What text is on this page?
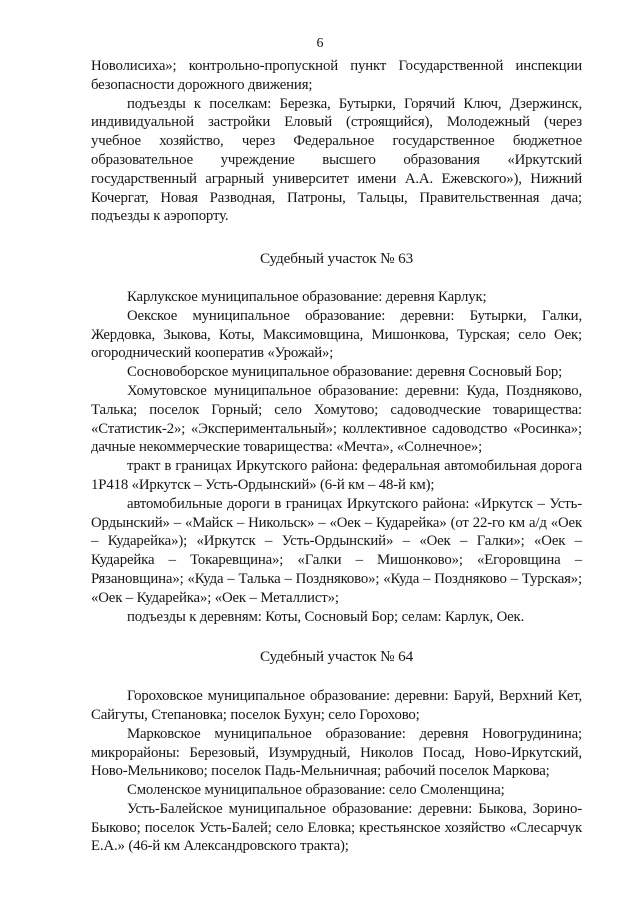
6

Новолисиха»; контрольно-пропускной пункт Государственной инспекции безопасности дорожного движения;

подъезды к поселкам: Березка, Бутырки, Горячий Ключ, Дзержинск, индивидуальной застройки Еловый (строящийся), Молодежный (через учебное хозяйство, через Федеральное государственное бюджетное образовательное учреждение высшего образования «Иркутский государственный аграрный университет имени А.А. Ежевского»), Нижний Кочергат, Новая Разводная, Патроны, Тальцы, Правительственная дача; подъезды к аэропорту.

Судебный участок № 63

Карлукское муниципальное образование: деревня Карлук;

Оекское муниципальное образование: деревни: Бутырки, Галки, Жердовка, Зыкова, Коты, Максимовщина, Мишонкова, Турская; село Оек; огороднический кооператив «Урожай»;

Сосновоборское муниципальное образование: деревня Сосновый Бор;

Хомутовское муниципальное образование: деревни: Куда, Поздняково, Талька; поселок Горный; село Хомутово; садоводческие товарищества: «Статистик-2»; «Экспериментальный»; коллективное садоводство «Росинка»; дачные некоммерческие товарищества: «Мечта», «Солнечное»;

тракт в границах Иркутского района: федеральная автомобильная дорога 1Р418 «Иркутск – Усть-Ордынский» (6-й км – 48-й км);

автомобильные дороги в границах Иркутского района: «Иркутск – Усть-Ордынский» – «Майск – Никольск» – «Оек – Кударейка» (от 22-го км а/д «Оек – Кударейка»); «Иркутск – Усть-Ордынский» – «Оек – Галки»; «Оек – Кударейка – Токаревщина»; «Галки – Мишонково»; «Егоровщина – Рязановщина»; «Куда – Талька – Поздняково»; «Куда – Поздняково – Турская»; «Оек – Кударейка»; «Оек – Металлист»;

подъезды к деревням: Коты, Сосновый Бор; селам: Карлук, Оек.

Судебный участок № 64

Гороховское муниципальное образование: деревни: Баруй, Верхний Кет, Сайгуты, Степановка; поселок Бухун; село Горохово;

Марковское муниципальное образование: деревня Новогрудинина; микрорайоны: Березовый, Изумрудный, Николов Посад, Ново-Иркутский, Ново-Мельниково; поселок Падь-Мельничная; рабочий поселок Маркова;

Смоленское муниципальное образование: село Смоленщина;

Усть-Балейское муниципальное образование: деревни: Быкова, Зорино-Быково; поселок Усть-Балей; село Еловка; крестьянское хозяйство «Слесарчук Е.А.» (46-й км Александровского тракта);
